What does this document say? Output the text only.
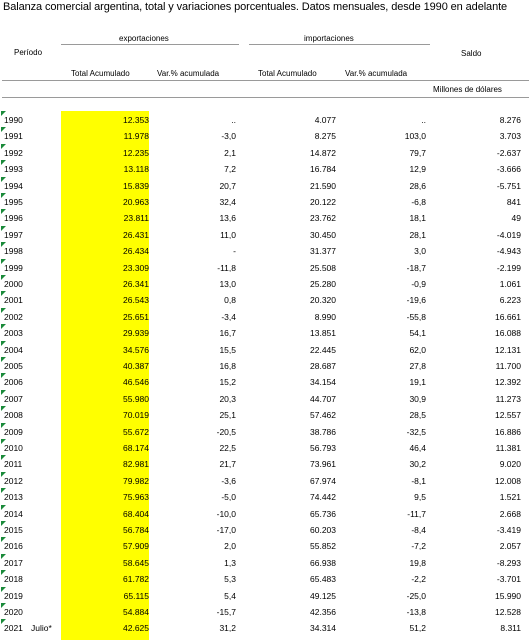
Balanza comercial argentina, total y variaciones porcentuales. Datos mensuales, desde 1990 en adelante
exportaciones	importaciones
Período	Saldo
Total Acumulado	Var.% acumulada	Total Acumulado	Var.% acumulada
Millones de dólares
1990	12.353	..	4.077	..	8.276
1991	11.978	-3,0	8.275	103,0	3.703
1992	12.235	2,1	14.872	79,7	-2.637
1993	13.118	7,2	16.784	12,9	-3.666
1994	15.839	20,7	21.590	28,6	-5.751
1995	20.963	32,4	20.122	-6,8	841
1996	23.811	13,6	23.762	18,1	49
1997	26.431	11,0	30.450	28,1	-4.019
1998	26.434	-	31.377	3,0	-4.943
1999	23.309	-11,8	25.508	-18,7	-2.199
2000	26.341	13,0	25.280	-0,9	1.061
2001	26.543	0,8	20.320	-19,6	6.223
2002	25.651	-3,4	8.990	-55,8	16.661
2003	29.939	16,7	13.851	54,1	16.088
2004	34.576	15,5	22.445	62,0	12.131
2005	40.387	16,8	28.687	27,8	11.700
2006	46.546	15,2	34.154	19,1	12.392
2007	55.980	20,3	44.707	30,9	11.273
2008	70.019	25,1	57.462	28,5	12.557
2009	55.672	-20,5	38.786	-32,5	16.886
2010	68.174	22,5	56.793	46,4	11.381
2011	82.981	21,7	73.961	30,2	9.020
2012	79.982	-3,6	67.974	-8,1	12.008
2013	75.963	-5,0	74.442	9,5	1.521
2014	68.404	-10,0	65.736	-11,7	2.668
2015	56.784	-17,0	60.203	-8,4	-3.419
2016	57.909	2,0	55.852	-7,2	2.057
2017	58.645	1,3	66.938	19,8	-8.293
2018	61.782	5,3	65.483	-2,2	-3.701
2019	65.115	5,4	49.125	-25,0	15.990
2020	54.884	-15,7	42.356	-13,8	12.528
2021 Julio*	42.625	31,2	34.314	51,2	8.311
